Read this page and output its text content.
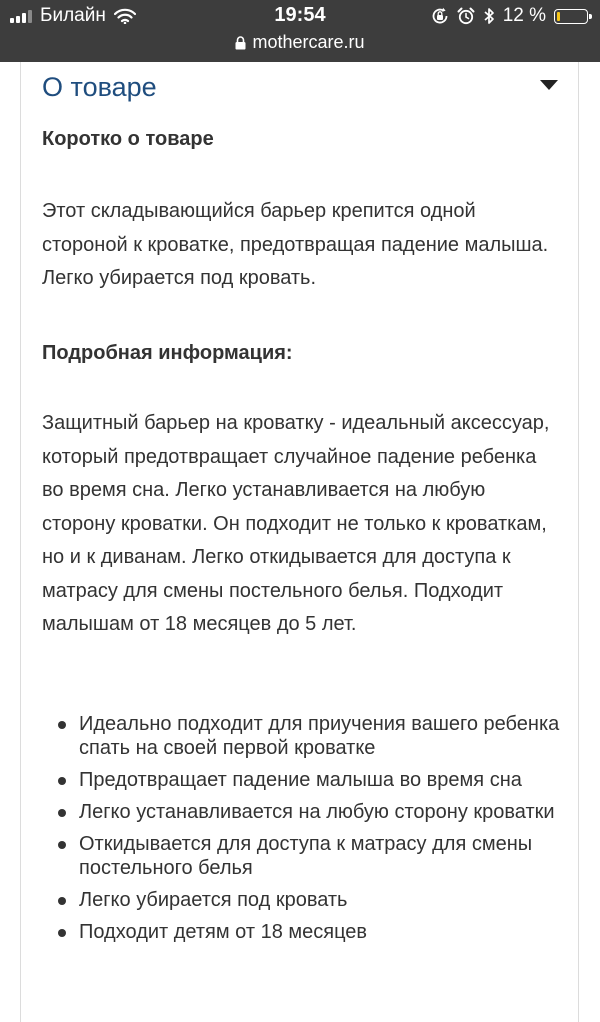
Билайн	19:54	12 %
mothercare.ru
О товаре
Коротко о товаре

Этот складывающийся барьер крепится одной стороной к кроватке, предотвращая падение малыша. Легко убирается под кровать.

Подробная информация:

Защитный барьер на кроватку - идеальный аксессуар, который предотвращает случайное падение ребенка во время сна. Легко устанавливается на любую сторону кроватки. Он подходит не только к кроваткам, но и к диванам. Легко откидывается для доступа к матрасу для смены постельного белья. Подходит малышам от 18 месяцев до 5 лет.

Идеально подходит для приучения вашего ребенка спать на своей первой кроватке
Предотвращает падение малыша во время сна
Легко устанавливается на любую сторону кроватки
Откидывается для доступа к матрасу для смены постельного белья
Легко убирается под кровать
Подходит детям от 18 месяцев
